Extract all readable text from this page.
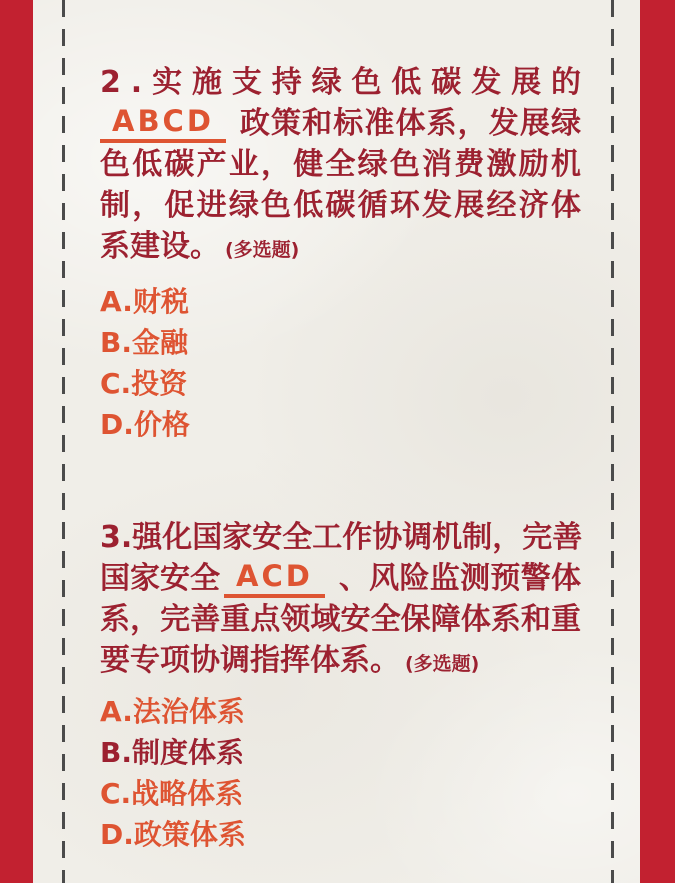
2 . 实 施 支 持 绿 色 低 碳 发 展 的
ABCD 政 策 和 标 准 体 系 ， 发 展 绿
色 低 碳 产 业 ， 健 全 绿 色 消 费 激 励 机
制 ， 促 进 绿 色 低 碳 循 环 发 展 经 济 体
系建设。 (多选题)
A.财税
B.金融
C.投资
D.价格
3 . 强 化 国 家 安 全 工 作 协 调 机 制 ， 完 善
国家安全 ACD 、 风 险 监 测 预 警 体
系 ， 完 善 重 点 领 域 安 全 保 障 体 系 和 重
要专项协调指挥体系。 (多选题)
A.法治体系
B.制度体系
C.战略体系
D.政策体系
